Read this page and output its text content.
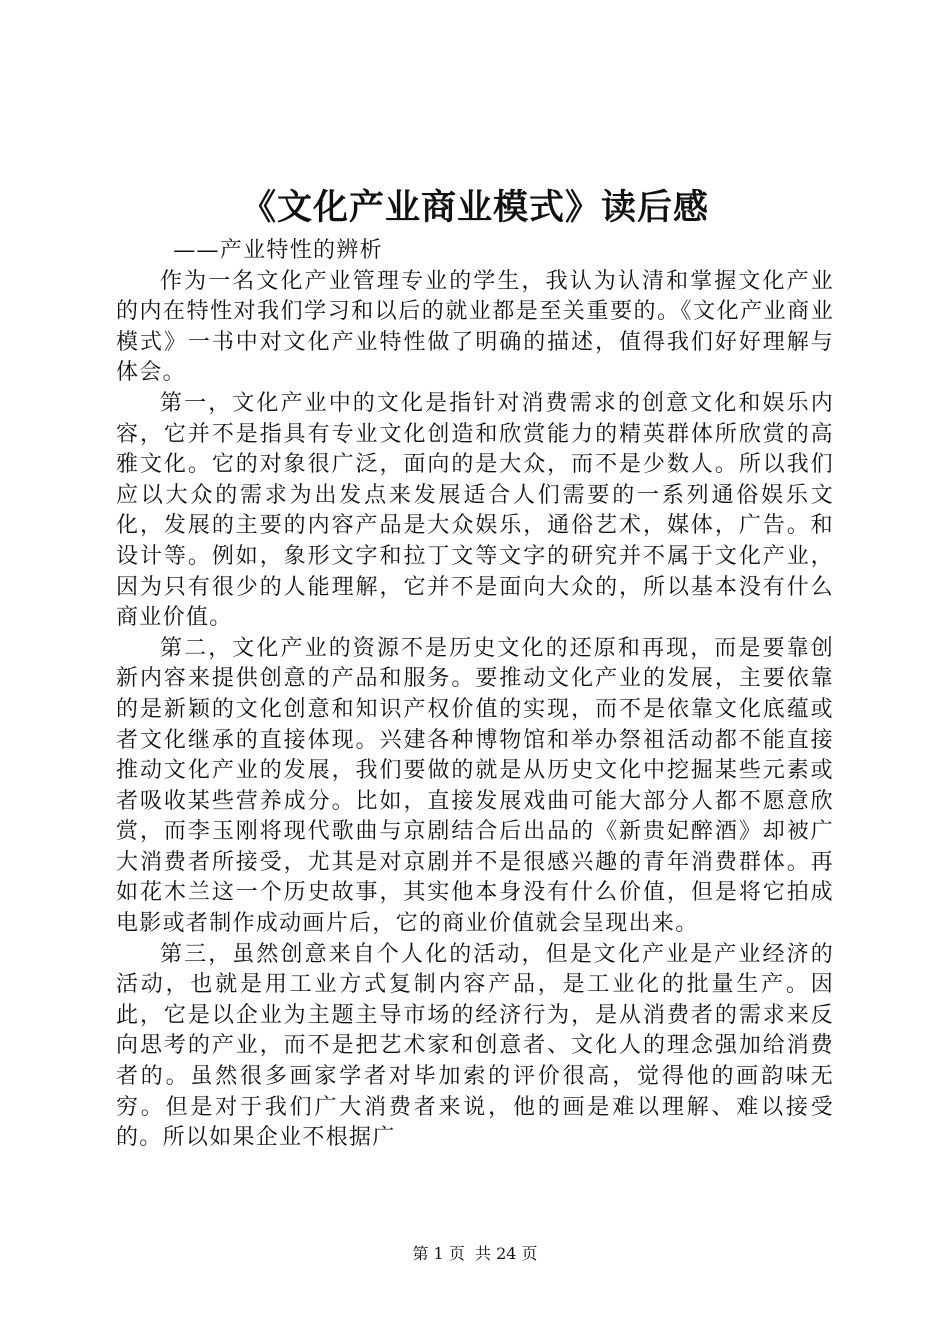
《文化产业商业模式》读后感

——产业特性的辨析

作为一名文化产业管理专业的学生，我认为认清和掌握文化产业的内在特性对我们学习和以后的就业都是至关重要的。《文化产业商业模式》一书中对文化产业特性做了明确的描述，值得我们好好理解与体会。

第一，文化产业中的文化是指针对消费需求的创意文化和娱乐内容，它并不是指具有专业文化创造和欣赏能力的精英群体所欣赏的高雅文化。它的对象很广泛，面向的是大众，而不是少数人。所以我们应以大众的需求为出发点来发展适合人们需要的一系列通俗娱乐文化，发展的主要的内容产品是大众娱乐，通俗艺术，媒体，广告。和设计等。例如，象形文字和拉丁文等文字的研究并不属于文化产业，因为只有很少的人能理解，它并不是面向大众的，所以基本没有什么商业价值。

第二，文化产业的资源不是历史文化的还原和再现，而是要靠创新内容来提供创意的产品和服务。要推动文化产业的发展，主要依靠的是新颖的文化创意和知识产权价值的实现，而不是依靠文化底蕴或者文化继承的直接体现。兴建各种博物馆和举办祭祖活动都不能直接推动文化产业的发展，我们要做的就是从历史文化中挖掘某些元素或者吸收某些营养成分。比如，直接发展戏曲可能大部分人都不愿意欣赏，而李玉刚将现代歌曲与京剧结合后出品的《新贵妃醉酒》却被广大消费者所接受，尤其是对京剧并不是很感兴趣的青年消费群体。再如花木兰这一个历史故事，其实他本身没有什么价值，但是将它拍成电影或者制作成动画片后，它的商业价值就会呈现出来。

第三，虽然创意来自个人化的活动，但是文化产业是产业经济的活动，也就是用工业方式复制内容产品，是工业化的批量生产。因此，它是以企业为主题主导市场的经济行为，是从消费者的需求来反向思考的产业，而不是把艺术家和创意者、文化人的理念强加给消费者的。虽然很多画家学者对毕加索的评价很高，觉得他的画韵味无穷。但是对于我们广大消费者来说，他的画是难以理解、难以接受的。所以如果企业不根据广

第 1 页  共 24 页
